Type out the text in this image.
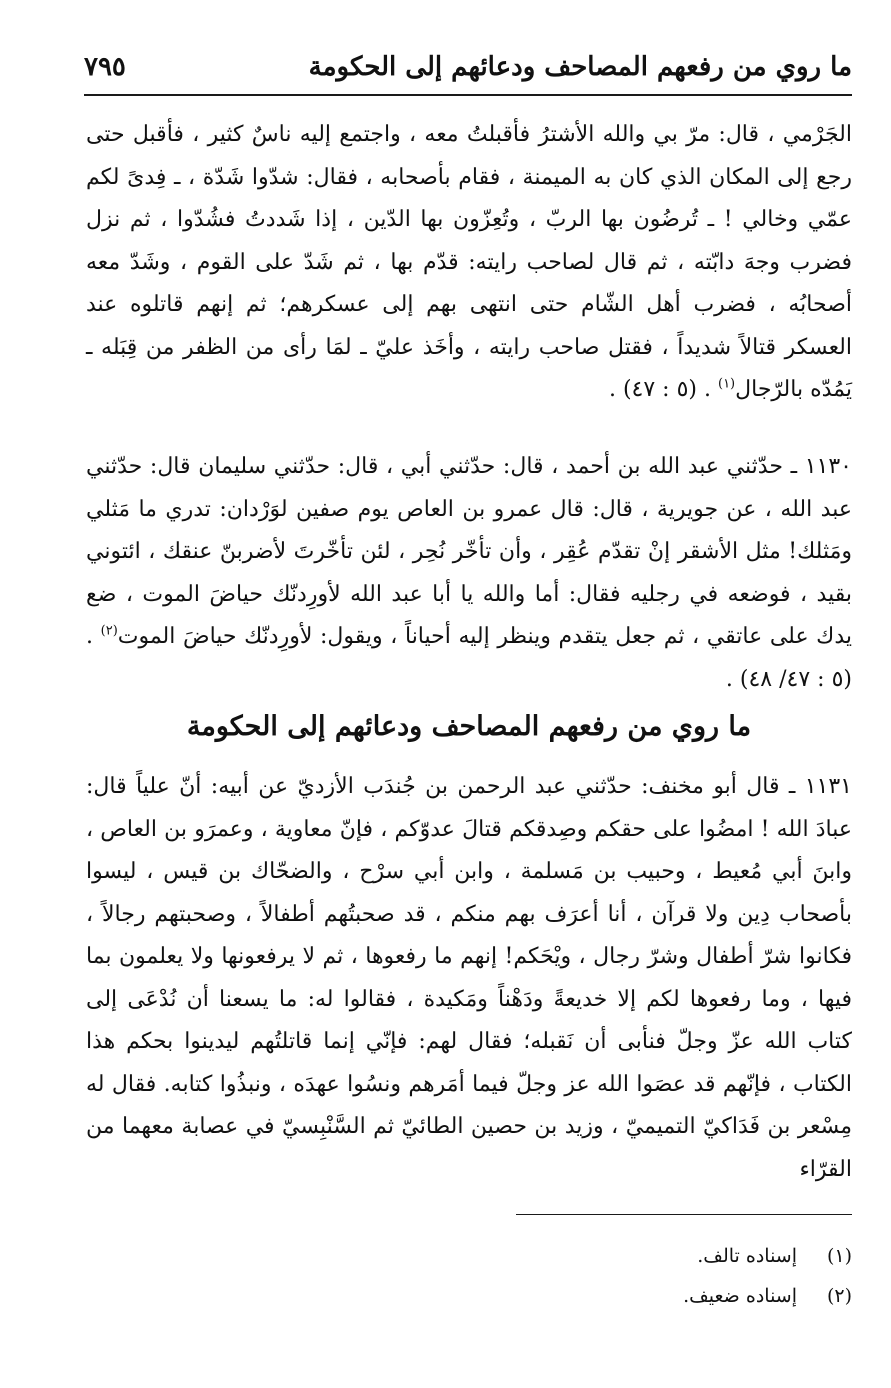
ما روي من رفعهم المصاحف ودعائهم إلى الحكومة
٧٩٥
الجَرْمي ، قال: مرّ بي والله الأشترُ فأقبلتُ معه ، واجتمع إليه ناسٌ كثير ، فأقبل حتى رجع إلى المكان الذي كان به الميمنة ، فقام بأصحابه ، فقال: شدّوا شَدّة ، ـ فِدىً لكم عمّي وخالي ! ـ تُرضُون بها الربّ ، وتُعِزّون بها الدّين ، إذا شَددتُ فشُدّوا ، ثم نزل فضرب وجهَ دابّته ، ثم قال لصاحب رايته: قدّم بها ، ثم شَدّ على القوم ، وشَدّ معه أصحابُه ، فضرب أهل الشّام حتى انتهى بهم إلى عسكرهم؛ ثم إنهم قاتلوه عند العسكر قتالاً شديداً ، فقتل صاحب رايته ، وأخَذ عليّ ـ لمَا رأى من الظفر من قِبَله ـ يَمُدّه بالرّجال$^{(١)}$ . (٥ : ٤٧) .
١١٣٠ ـ حدّثني عبد الله بن أحمد ، قال: حدّثني أبي ، قال: حدّثني سليمان قال: حدّثني عبد الله ، عن جويرية ، قال: قال عمرو بن العاص يوم صفين لوَرْدان: تدري ما مَثلي ومَثلك! مثل الأشقر إنْ تقدّم عُقِر ، وأن تأخّر نُحِر ، لئن تأخّرتَ لأضربنّ عنقك ، ائتوني بقيد ، فوضعه في رجليه فقال: أما والله يا أبا عبد الله لأورِدنّك حياضَ الموت ، ضع يدك على عاتقي ، ثم جعل يتقدم وينظر إليه أحياناً ، ويقول: لأورِدنّك حياضَ الموت$^{(٢)}$ . (٥ : ٤٧/ ٤٨) .
ما روي من رفعهم المصاحف ودعائهم إلى الحكومة
١١٣١ ـ قال أبو مخنف: حدّثني عبد الرحمن بن جُندَب الأزديّ عن أبيه: أنّ علياً قال: عبادَ الله ! امضُوا على حقكم وصِدقكم قتالَ عدوّكم ، فإنّ معاوية ، وعمرَو بن العاص ، وابنَ أبي مُعيط ، وحبيب بن مَسلمة ، وابن أبي سرْح ، والضحّاك بن قيس ، ليسوا بأصحاب دِين ولا قرآن ، أنا أعرَف بهم منكم ، قد صحبتُهم أطفالاً ، وصحبتهم رجالاً ، فكانوا شرّ أطفال وشرّ رجال ، ويْحَكم! إنهم ما رفعوها ، ثم لا يرفعونها ولا يعلمون بما فيها ، وما رفعوها لكم إلا خديعةً ودَهْناً ومَكيدة ، فقالوا له: ما يسعنا أن نُدْعَى إلى كتاب الله عزّ وجلّ فنأبى أن نَقبله؛ فقال لهم: فإنّي إنما قاتلتُهم ليدينوا بحكم هذا الكتاب ، فإنّهم قد عصَوا الله عز وجلّ فيما أمَرهم ونسُوا عهدَه ، ونبذُوا كتابه. فقال له مِسْعر بن فَدَاكيّ التميميّ ، وزيد بن حصين الطائيّ ثم السَّنْبِسيّ في عصابة معهما من القرّاء
(١)
إسناده تالف.
(٢)
إسناده ضعيف.
